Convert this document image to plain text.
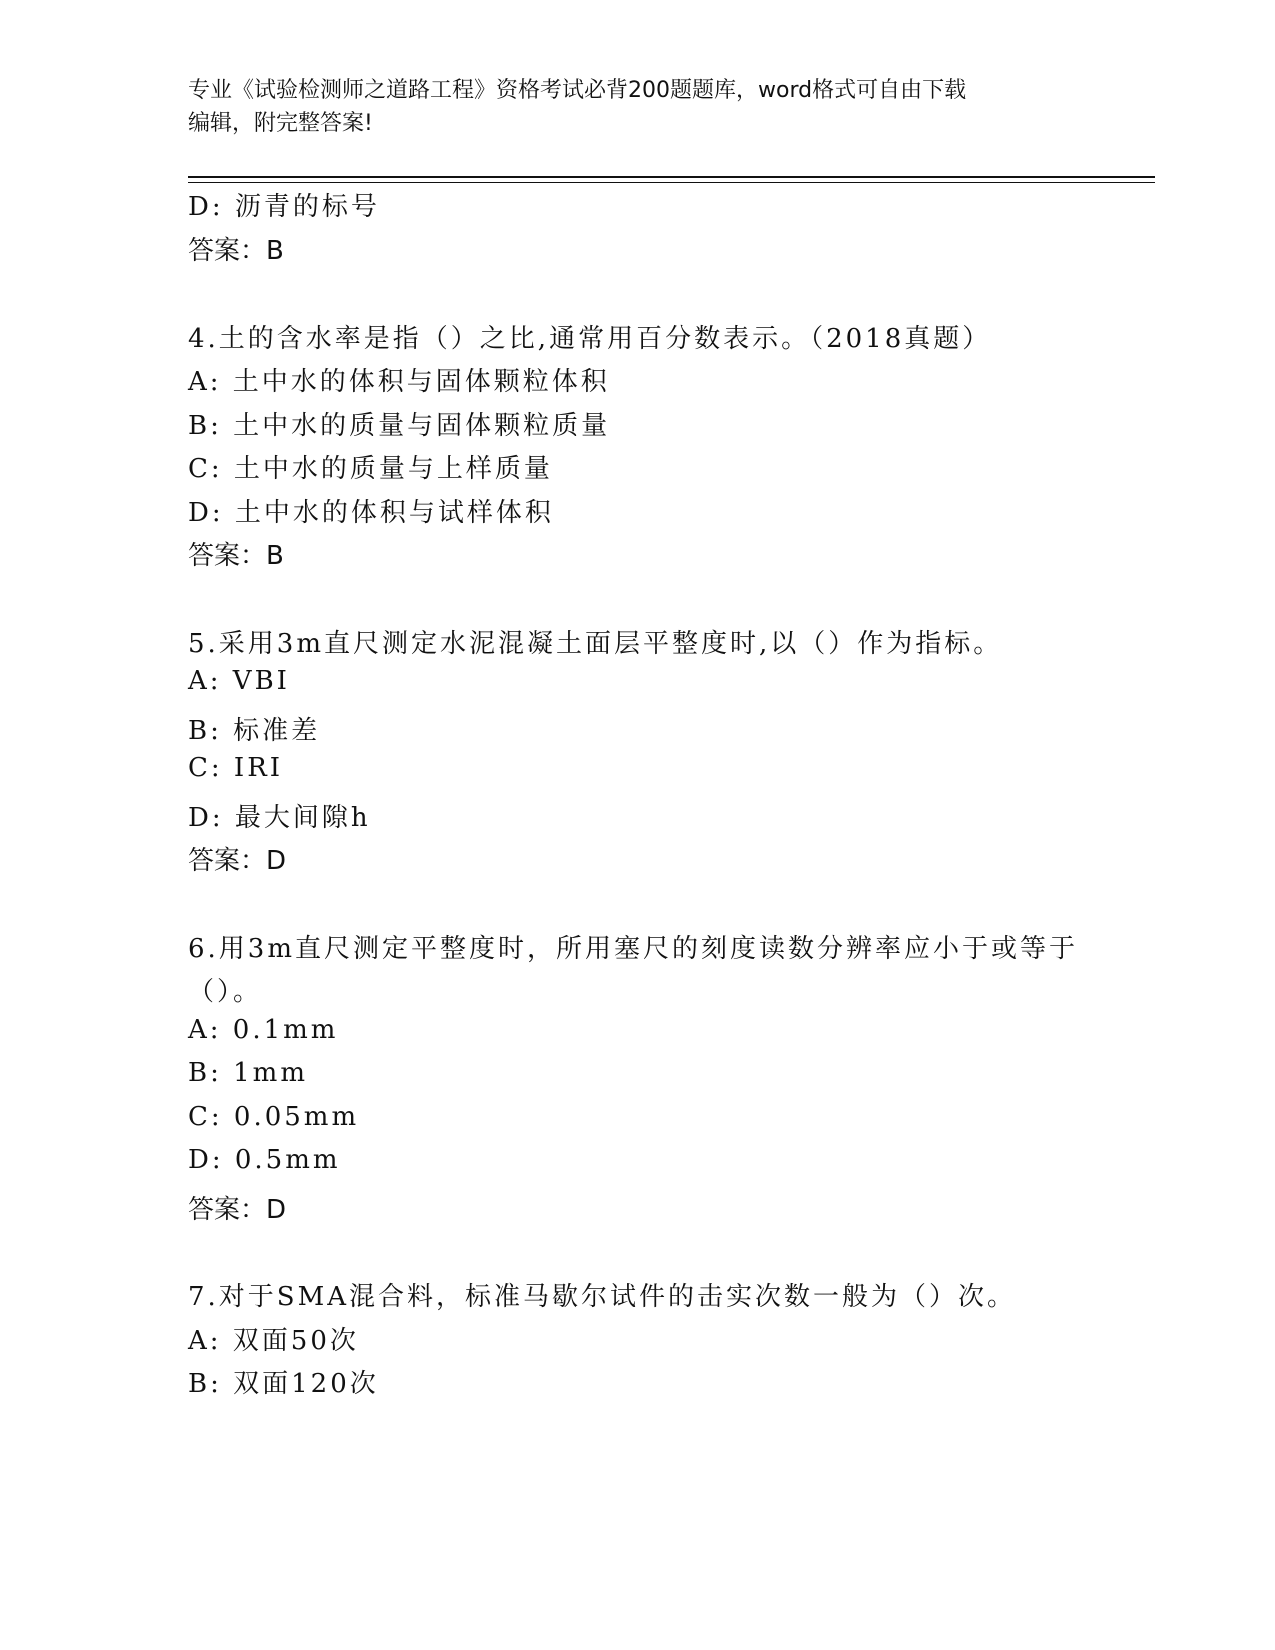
专业《试验检测师之道路工程》资格考试必背200题题库，word格式可自由下载
编辑，附完整答案!
D: 沥青的标号
答案：B
4.土的含水率是指（）之比,通常用百分数表示。（2018真题）
A: 土中水的体积与固体颗粒体积
B: 土中水的质量与固体颗粒质量
C: 土中水的质量与上样质量
D: 土中水的体积与试样体积
答案：B
5.采用3m直尺测定水泥混凝土面层平整度时,以（）作为指标。
A: VBI
B: 标准差
C: IRI
D: 最大间隙h
答案：D
6.用3m直尺测定平整度时，所用塞尺的刻度读数分辨率应小于或等于
（）。
A: 0.1mm
B: 1mm
C: 0.05mm
D: 0.5mm
答案：D
7.对于SMA混合料，标准马歇尔试件的击实次数一般为（）次。
A: 双面50次
B: 双面120次
